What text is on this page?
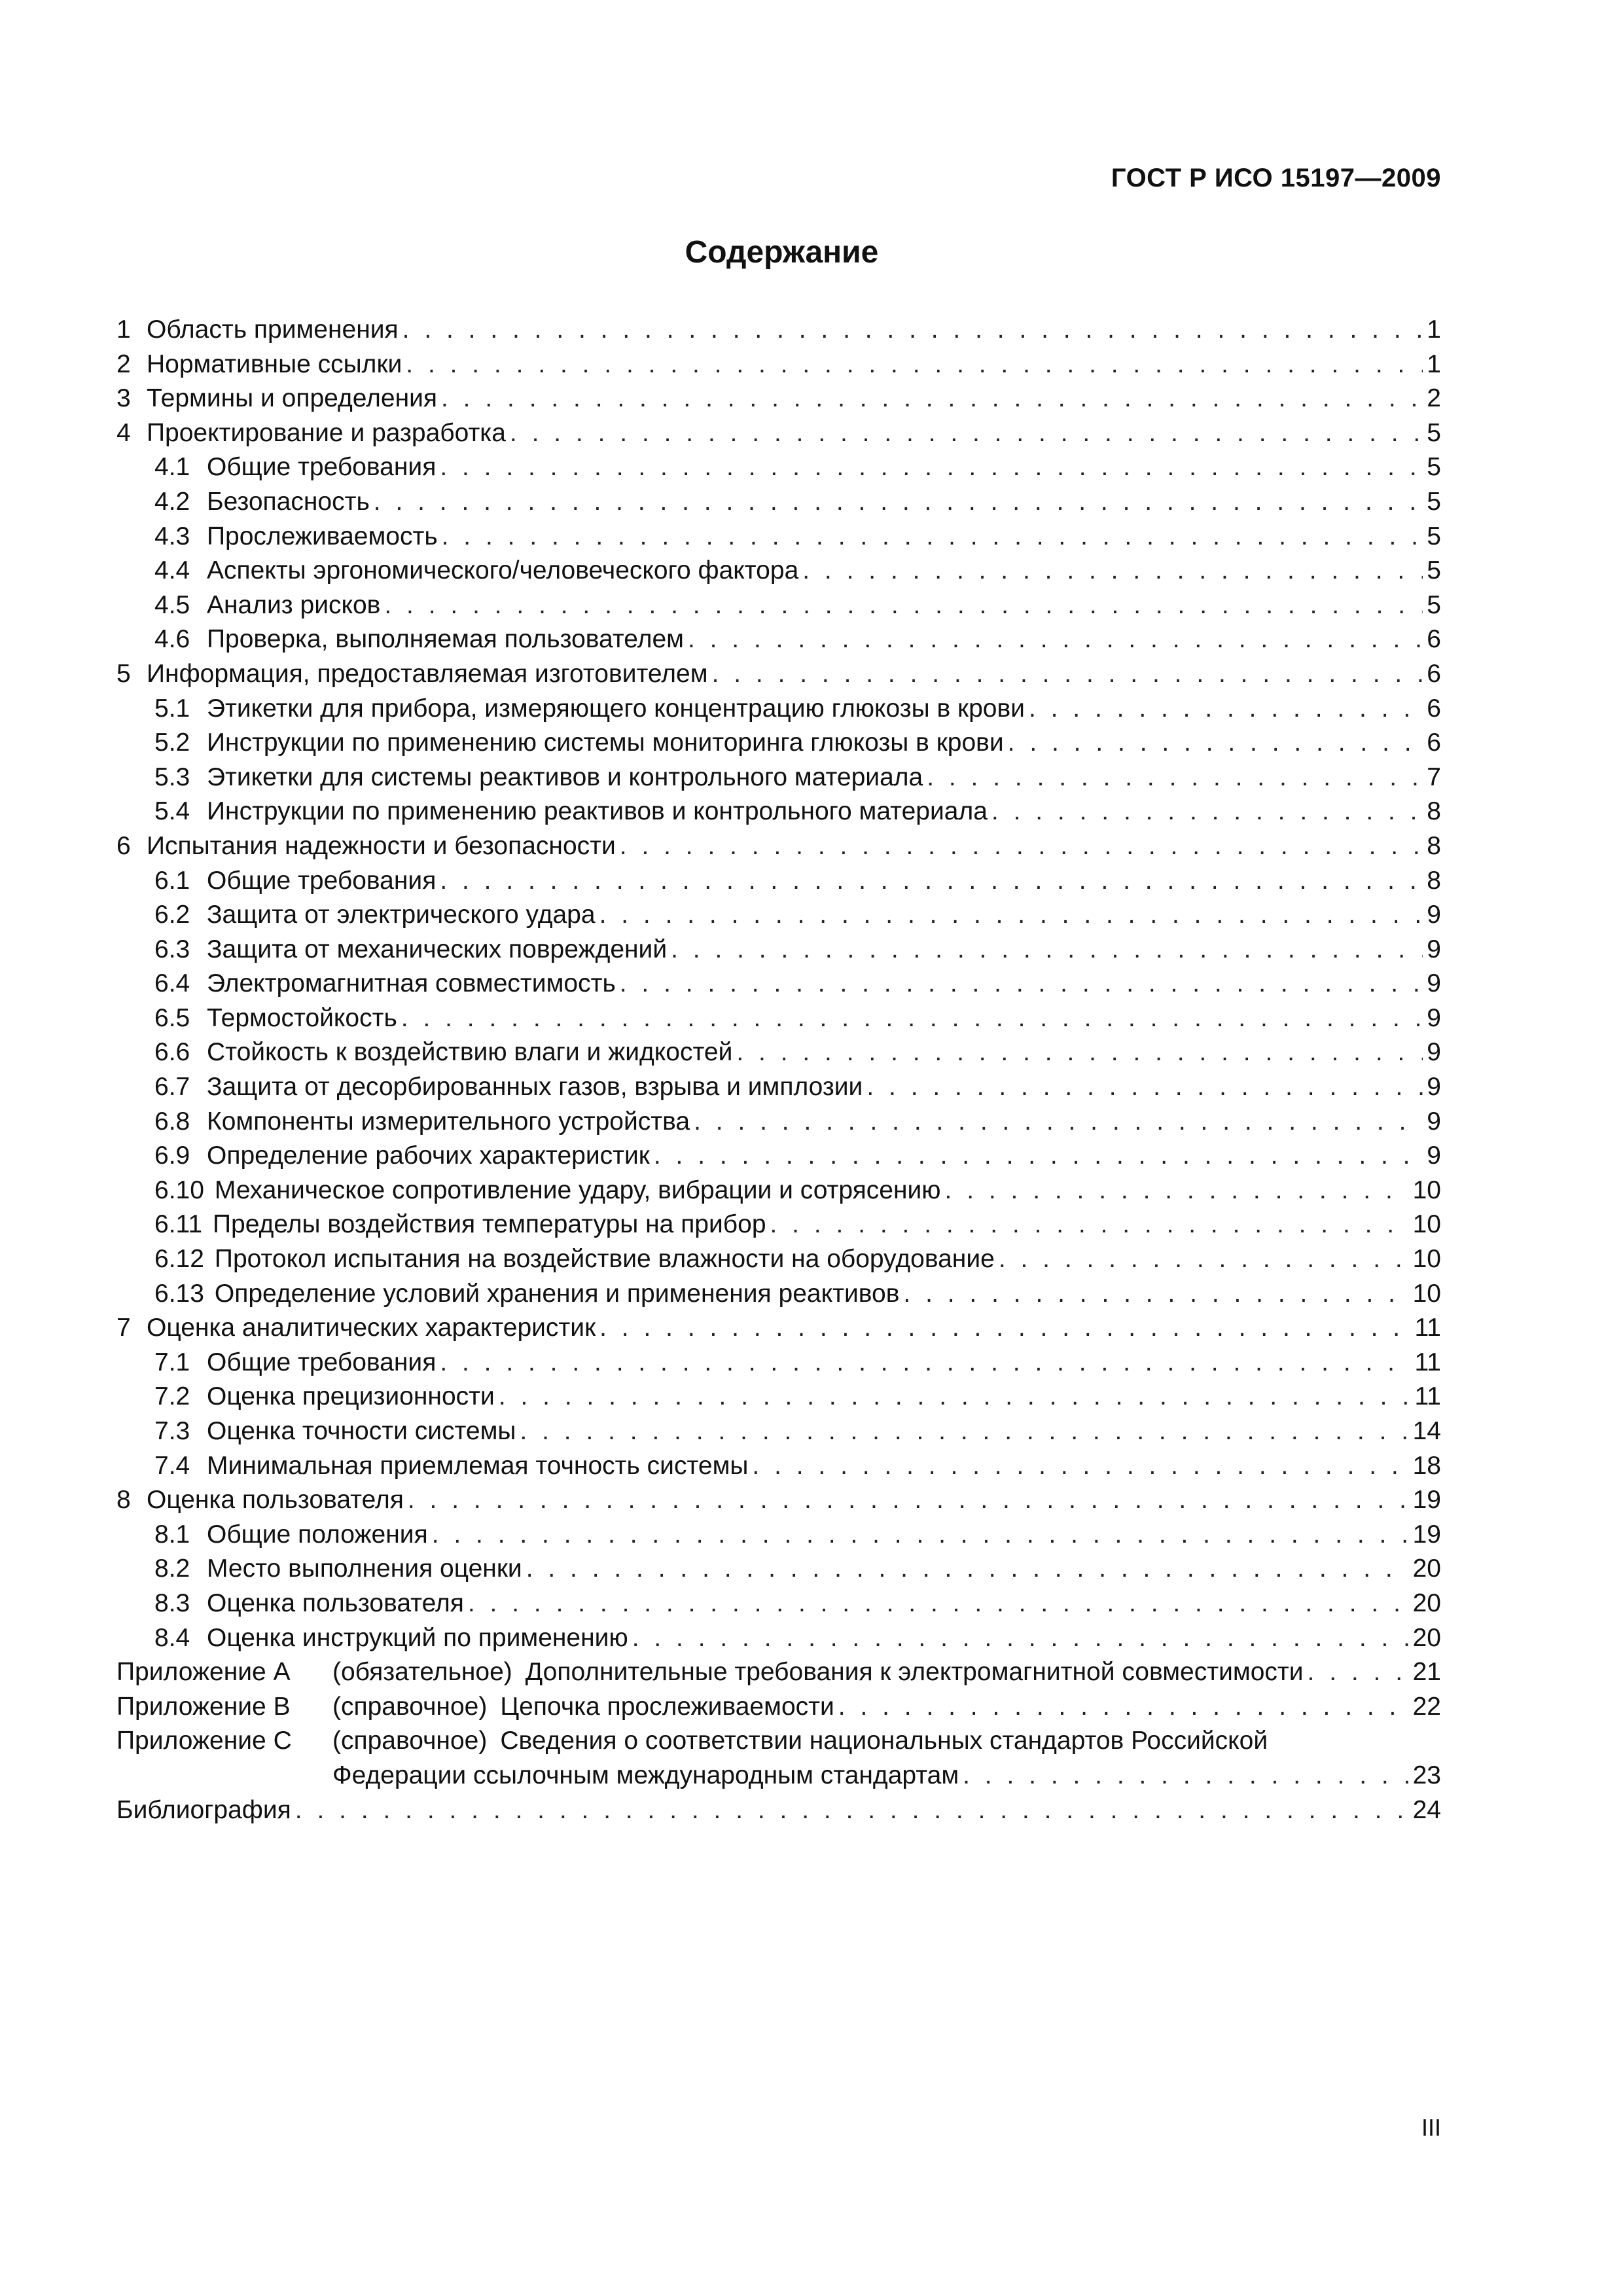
ГОСТ Р ИСО 15197—2009
Содержание
1 Область применения . . .	1
2 Нормативные ссылки . . .	1
3 Термины и определения . . .	2
4 Проектирование и разработка . . .	5
4.1 Общие требования . . .	5
4.2 Безопасность . . .	5
4.3 Прослеживаемость . . .	5
4.4 Аспекты эргономического/человеческого фактора . . .	5
4.5 Анализ рисков . . .	5
4.6 Проверка, выполняемая пользователем . . .	6
5 Информация, предоставляемая изготовителем . . .	6
5.1 Этикетки для прибора, измеряющего концентрацию глюкозы в крови . . .	6
5.2 Инструкции по применению системы мониторинга глюкозы в крови . . .	6
5.3 Этикетки для системы реактивов и контрольного материала . . .	7
5.4 Инструкции по применению реактивов и контрольного материала . . .	8
6 Испытания надежности и безопасности . . .	8
6.1 Общие требования . . .	8
6.2 Защита от электрического удара . . .	9
6.3 Защита от механических повреждений . . .	9
6.4 Электромагнитная совместимость . . .	9
6.5 Термостойкость . . .	9
6.6 Стойкость к воздействию влаги и жидкостей . . .	9
6.7 Защита от десорбированных газов, взрыва и имплозии . . .	9
6.8 Компоненты измерительного устройства . . .	9
6.9 Определение рабочих характеристик . . .	9
6.10 Механическое сопротивление удару, вибрации и сотрясению . . .	10
6.11 Пределы воздействия температуры на прибор . . .	10
6.12 Протокол испытания на воздействие влажности на оборудование . . .	10
6.13 Определение условий хранения и применения реактивов . . .	10
7 Оценка аналитических характеристик . . .	11
7.1 Общие требования . . .	11
7.2 Оценка прецизионности . . .	11
7.3 Оценка точности системы . . .	14
7.4 Минимальная приемлемая точность системы . . .	18
8 Оценка пользователя . . .	19
8.1 Общие положения . . .	19
8.2 Место выполнения оценки . . .	20
8.3 Оценка пользователя . . .	20
8.4 Оценка инструкций по применению . . .	20
Приложение А	(обязательное) Дополнительные требования к электромагнитной совместимости . . .	21
Приложение В	(справочное) Цепочка прослеживаемости . . .	22
Приложение С	(справочное) Сведения о соответствии национальных стандартов Российской
Федерации ссылочным международным стандартам . . .	23
Библиография . . .	24
III
